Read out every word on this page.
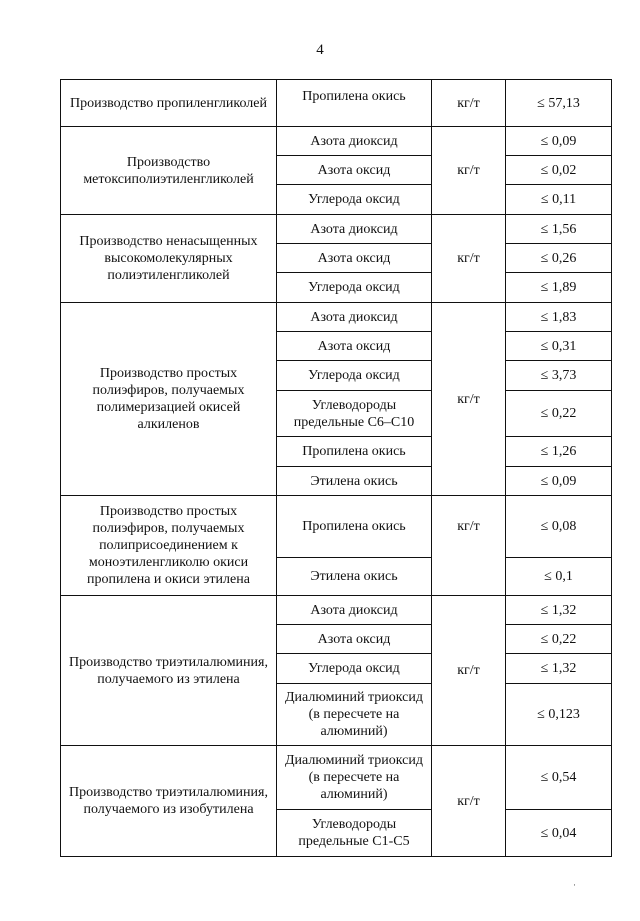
4
Производство пропиленгликолей	Пропилена окись	кг/т	≤ 57,13
Производство метоксиполиэтиленгликолей	Азота диоксид	кг/т	≤ 0,09
	Азота оксид		≤ 0,02
	Углерода оксид		≤ 0,11
Производство ненасыщенных высокомолекулярных полиэтиленгликолей	Азота диоксид	кг/т	≤ 1,56
	Азота оксид		≤ 0,26
	Углерода оксид		≤ 1,89
Производство простых полиэфиров, получаемых полимеризацией окисей алкиленов	Азота диоксид	кг/т	≤ 1,83
	Азота оксид		≤ 0,31
	Углерода оксид		≤ 3,73
	Углеводороды предельные С6–С10		≤ 0,22
	Пропилена окись		≤ 1,26
	Этилена окись		≤ 0,09
Производство простых полиэфиров, получаемых полиприсоединением к моноэтиленгликолю окиси пропилена и окиси этилена	Пропилена окись	кг/т	≤ 0,08
	Этилена окись		≤ 0,1
Производство триэтилалюминия, получаемого из этилена	Азота диоксид	кг/т	≤ 1,32
	Азота оксид		≤ 0,22
	Углерода оксид		≤ 1,32
	Диалюминий триоксид (в пересчете на алюминий)		≤ 0,123
Производство триэтилалюминия, получаемого из изобутилена	Диалюминий триоксид (в пересчете на алюминий)	кг/т	≤ 0,54
	Углеводороды предельные С1-С5		≤ 0,04
·
